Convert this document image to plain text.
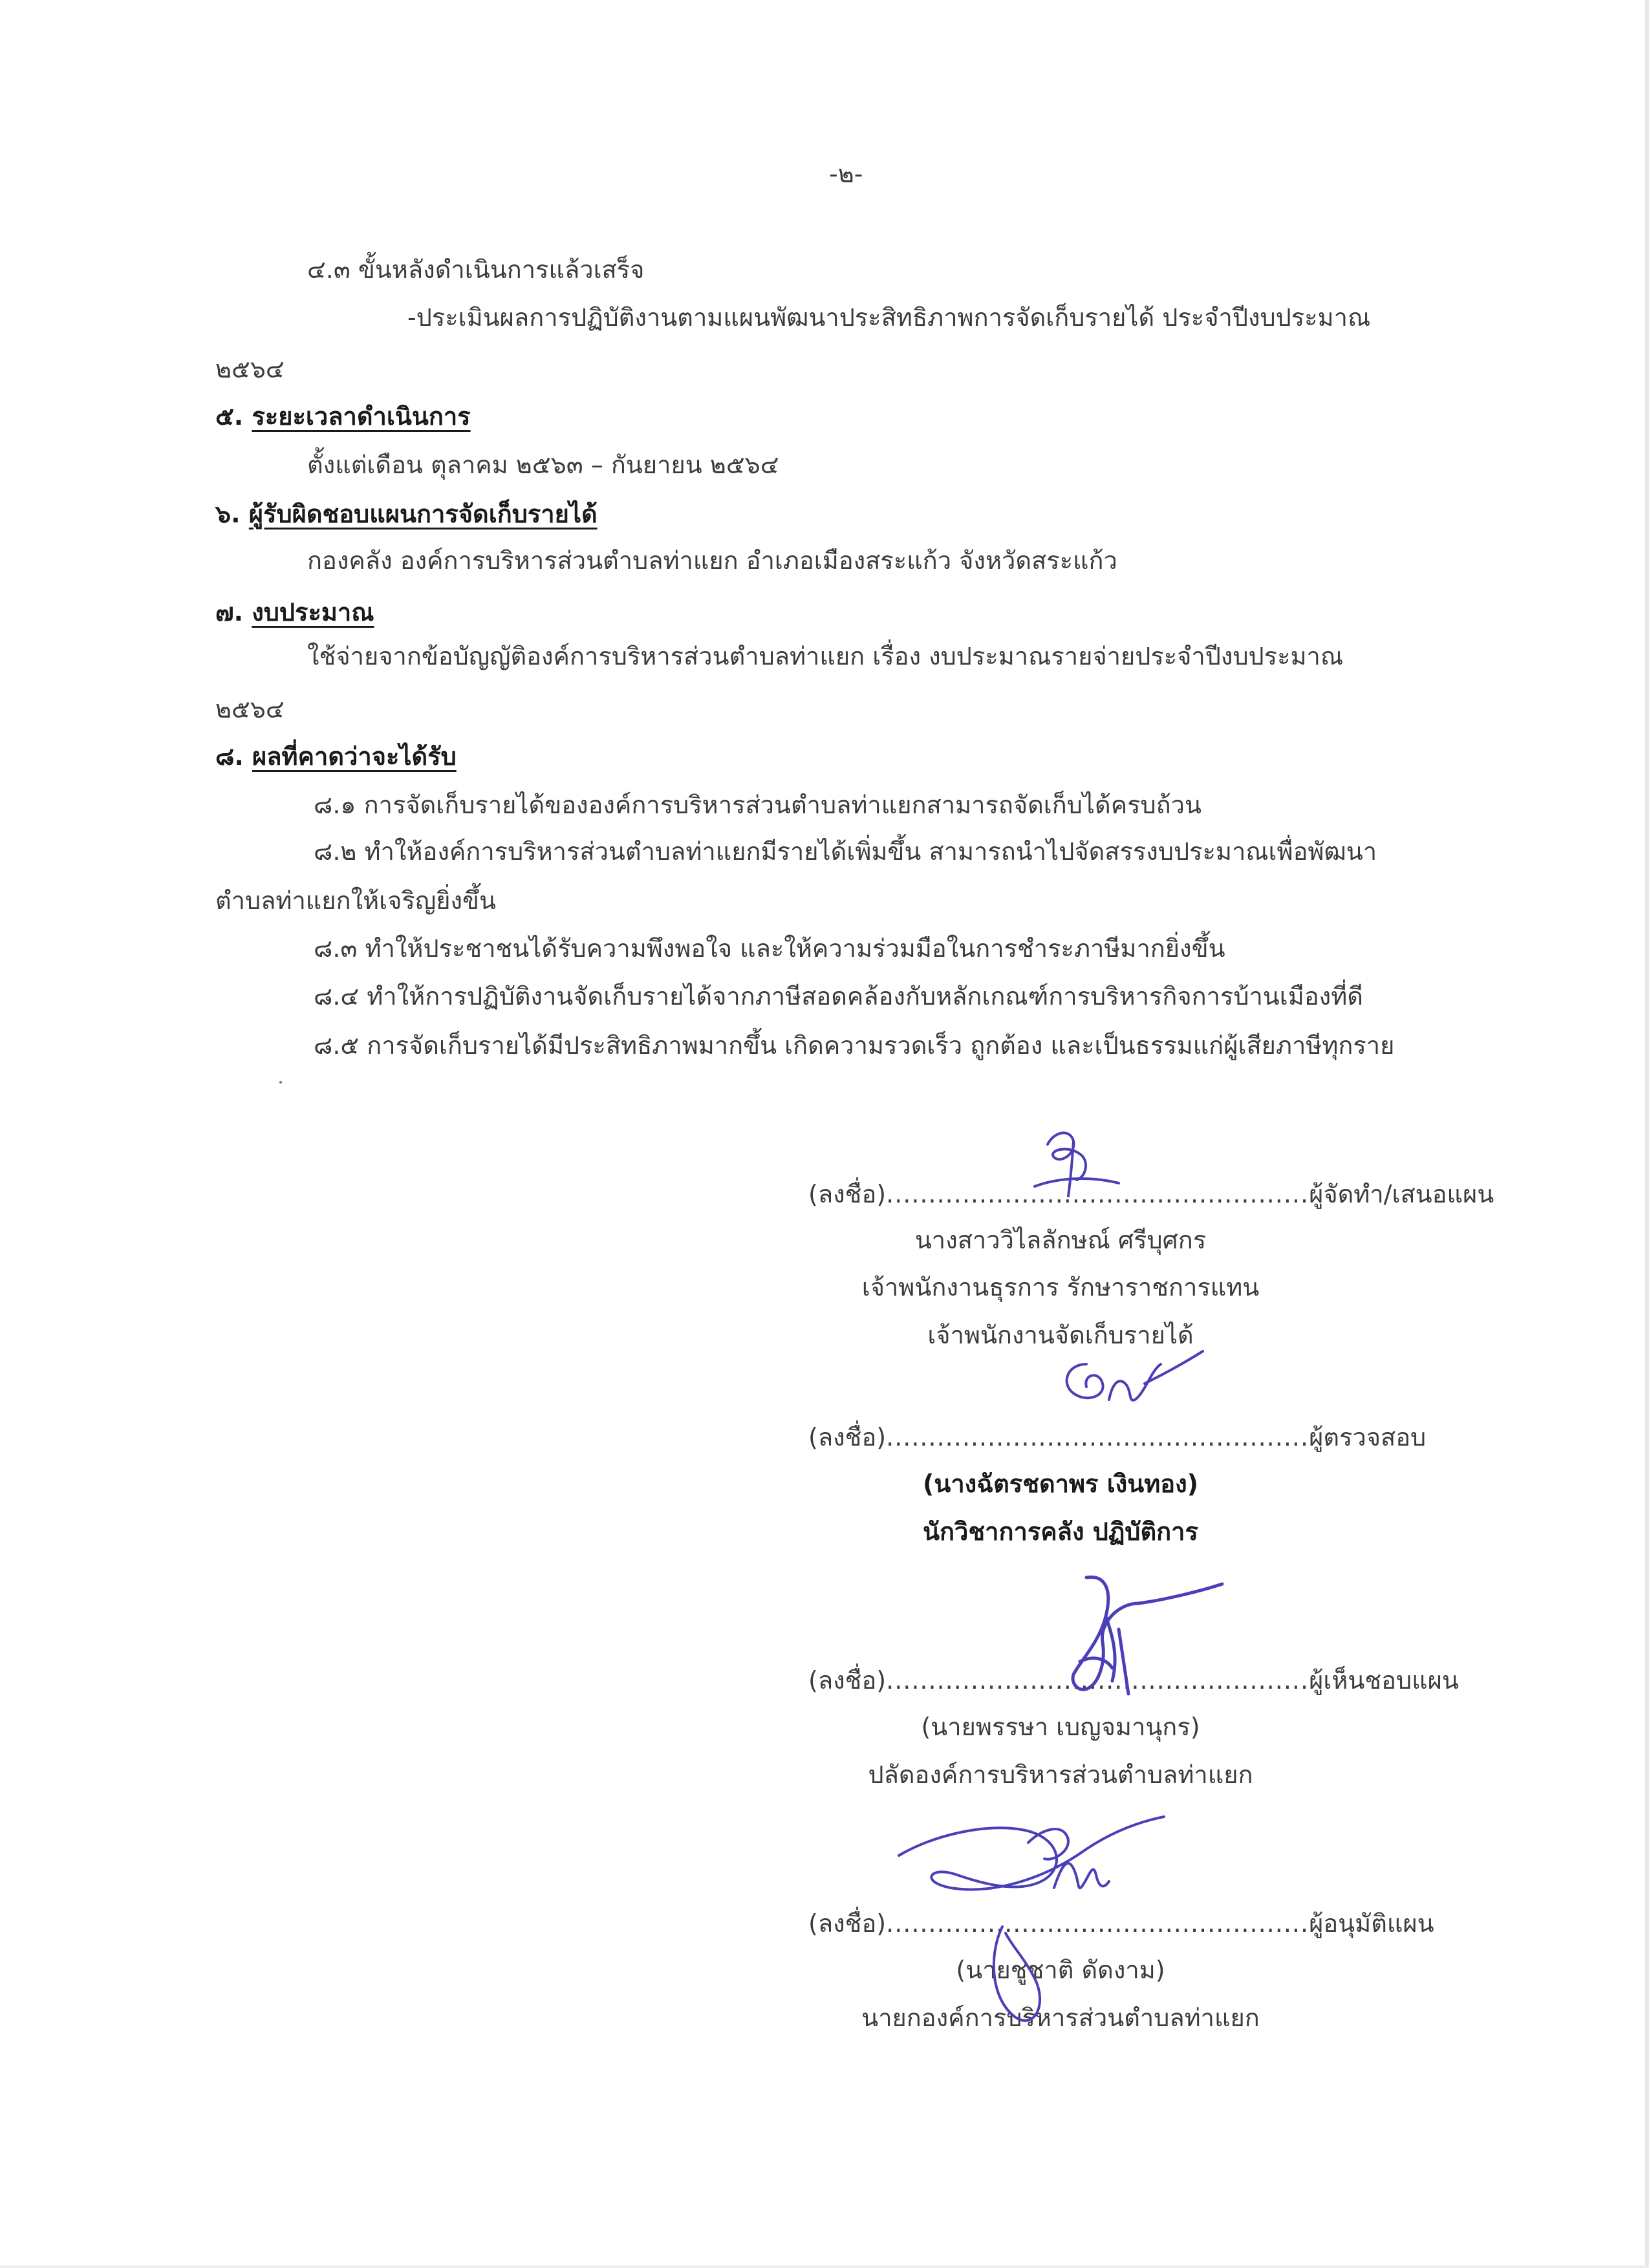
-๒-
๔.๓ ขั้นหลังดำเนินการแล้วเสร็จ
-ประเมินผลการปฏิบัติงานตามแผนพัฒนาประสิทธิภาพการจัดเก็บรายได้ ประจำปีงบประมาณ
๒๕๖๔
๕. ระยะเวลาดำเนินการ
ตั้งแต่เดือน ตุลาคม ๒๕๖๓ – กันยายน ๒๕๖๔
๖. ผู้รับผิดชอบแผนการจัดเก็บรายได้
กองคลัง องค์การบริหารส่วนตำบลท่าแยก อำเภอเมืองสระแก้ว จังหวัดสระแก้ว
๗. งบประมาณ
ใช้จ่ายจากข้อบัญญัติองค์การบริหารส่วนตำบลท่าแยก เรื่อง งบประมาณรายจ่ายประจำปีงบประมาณ
๒๕๖๔
๘. ผลที่คาดว่าจะได้รับ
๘.๑ การจัดเก็บรายได้ขององค์การบริหารส่วนตำบลท่าแยกสามารถจัดเก็บได้ครบถ้วน
๘.๒ ทำให้องค์การบริหารส่วนตำบลท่าแยกมีรายได้เพิ่มขึ้น สามารถนำไปจัดสรรงบประมาณเพื่อพัฒนา
ตำบลท่าแยกให้เจริญยิ่งขึ้น
๘.๓ ทำให้ประชาชนได้รับความพึงพอใจ และให้ความร่วมมือในการชำระภาษีมากยิ่งขึ้น
๘.๔ ทำให้การปฏิบัติงานจัดเก็บรายได้จากภาษีสอดคล้องกับหลักเกณฑ์การบริหารกิจการบ้านเมืองที่ดี
๘.๕ การจัดเก็บรายได้มีประสิทธิภาพมากขึ้น เกิดความรวดเร็ว ถูกต้อง และเป็นธรรมแก่ผู้เสียภาษีทุกราย
(ลงชื่อ)..................................................ผู้จัดทำ/เสนอแผน
นางสาววิไลลักษณ์ ศรีบุศกร
เจ้าพนักงานธุรการ รักษาราชการแทน
เจ้าพนักงานจัดเก็บรายได้
(ลงชื่อ)..................................................ผู้ตรวจสอบ
(นางฉัตรชดาพร เงินทอง)
นักวิชาการคลัง ปฏิบัติการ
(ลงชื่อ)..................................................ผู้เห็นชอบแผน
(นายพรรษา เบญจมานุกร)
ปลัดองค์การบริหารส่วนตำบลท่าแยก
(ลงชื่อ)..................................................ผู้อนุมัติแผน
(นายชูชาติ ดัดงาม)
นายกองค์การบริหารส่วนตำบลท่าแยก
